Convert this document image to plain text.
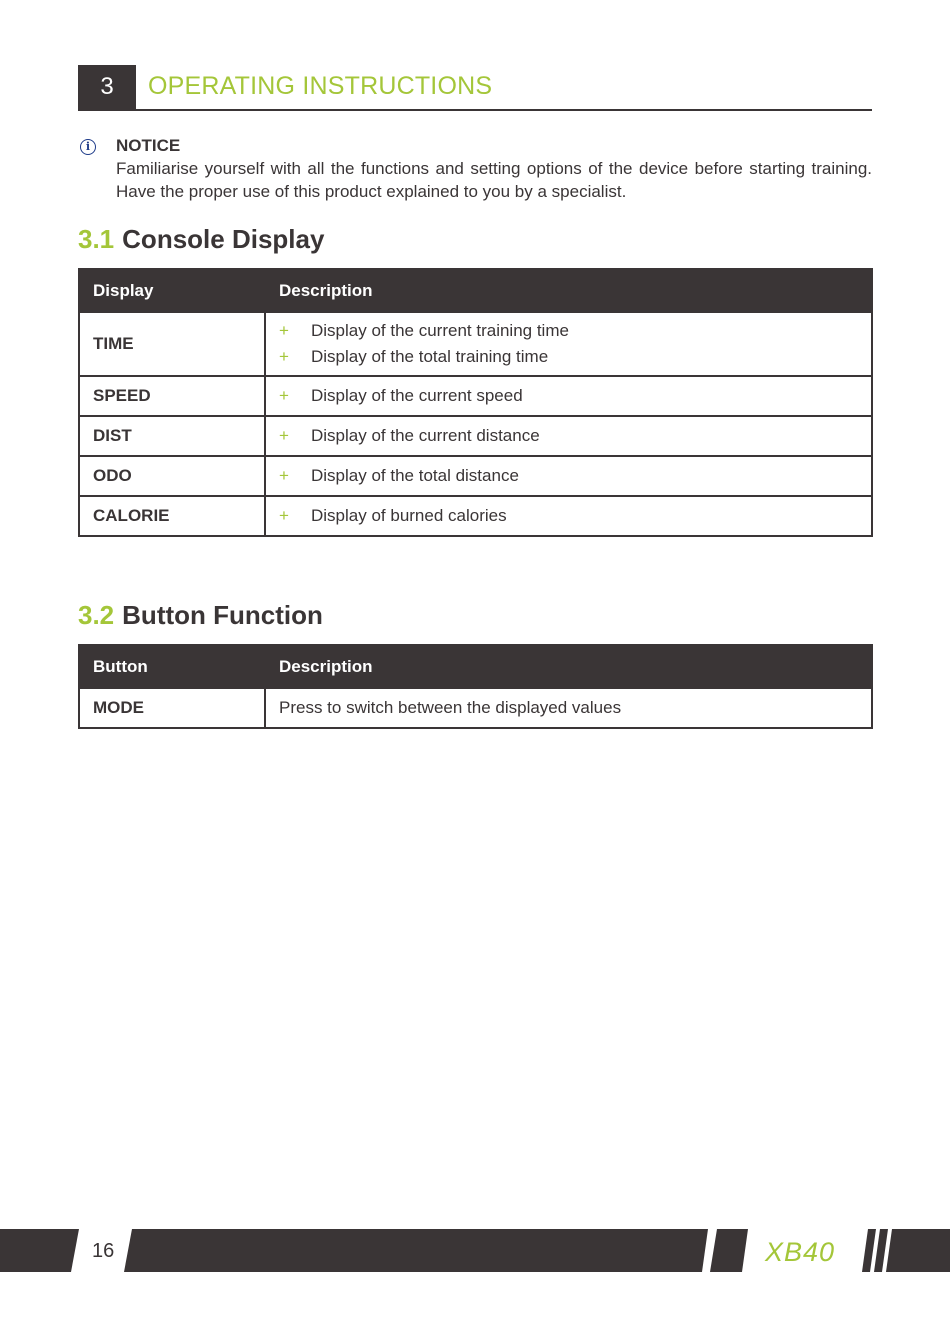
3	OPERATING INSTRUCTIONS
i	NOTICE
Familiarise yourself with all the functions and setting options of the device before starting training. Have the proper use of this product explained to you by a specialist.
3.1 Console Display
Display	Description
TIME	+ Display of the current training time
+ Display of the total training time

SPEED	+ Display of the current speed

DIST	+ Display of the current distance

ODO	+ Display of the total distance

CALORIE	+ Display of burned calories
3.2 Button Function
Button	Description
MODE	Press to switch between the displayed values
16	XB40
